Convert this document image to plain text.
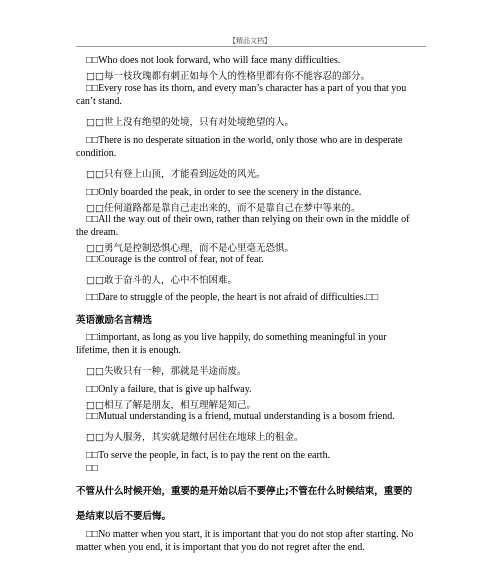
【精品文档】
□□Who does not look forward, who will face many difficulties.
□□每一枝玫瑰都有刺正如每个人的性格里都有你不能容忍的部分。
□□Every rose has its thorn, and every man’s character has a part of you that you
can’t stand.
□□世上没有绝望的处境，只有对处境绝望的人。
□□There is no desperate situation in the world, only those who are in desperate
condition.
□□只有登上山顶，才能看到远处的风光。
□□Only boarded the peak, in order to see the scenery in the distance.
□□任何道路都是靠自己走出来的，而不是靠自己在梦中等来的。
□□All the way out of their own, rather than relying on their own in the middle of
the dream.
□□勇气是控制恐惧心理，而不是心里毫无恐惧。
□□Courage is the control of fear, not of fear.
□□敢于奋斗的人，心中不怕困难。
□□Dare to struggle of the people, the heart is not afraid of difficulties.□□
英语激励名言精选
□□important, as long as you live happily, do something meaningful in your
lifetime, then it is enough.
□□失败只有一种，那就是半途而废。
□□Only a failure, that is give up halfway.
□□相互了解是朋友，相互理解是知己。
□□Mutual understanding is a friend, mutual understanding is a bosom friend.
□□为人服务，其实就是缴付居住在地球上的租金。
□□To serve the people, in fact, is to pay the rent on the earth.
□□
不管从什么时候开始，重要的是开始以后不要停止;不管在什么时候结束，重要的
是结束以后不要后悔。
□□No matter when you start, it is important that you do not stop after starting. No
matter when you end, it is important that you do not regret after the end.
